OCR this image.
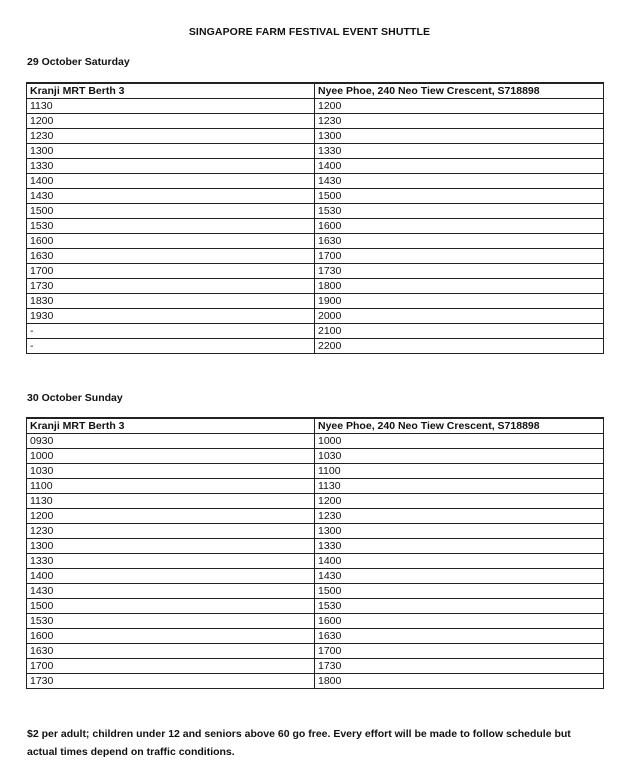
SINGAPORE FARM FESTIVAL EVENT SHUTTLE
29 October Saturday
Kranji MRT Berth 3	Nyee Phoe, 240 Neo Tiew Crescent, S718898
1130	1200
1200	1230
1230	1300
1300	1330
1330	1400
1400	1430
1430	1500
1500	1530
1530	1600
1600	1630
1630	1700
1700	1730
1730	1800
1830	1900
1930	2000
-	2100
-	2200
30 October Sunday
Kranji MRT Berth 3	Nyee Phoe, 240 Neo Tiew Crescent, S718898
0930	1000
1000	1030
1030	1100
1100	1130
1130	1200
1200	1230
1230	1300
1300	1330
1330	1400
1400	1430
1430	1500
1500	1530
1530	1600
1600	1630
1630	1700
1700	1730
1730	1800
$2 per adult; children under 12 and seniors above 60 go free. Every effort will be made to follow schedule but actual times depend on traffic conditions.
